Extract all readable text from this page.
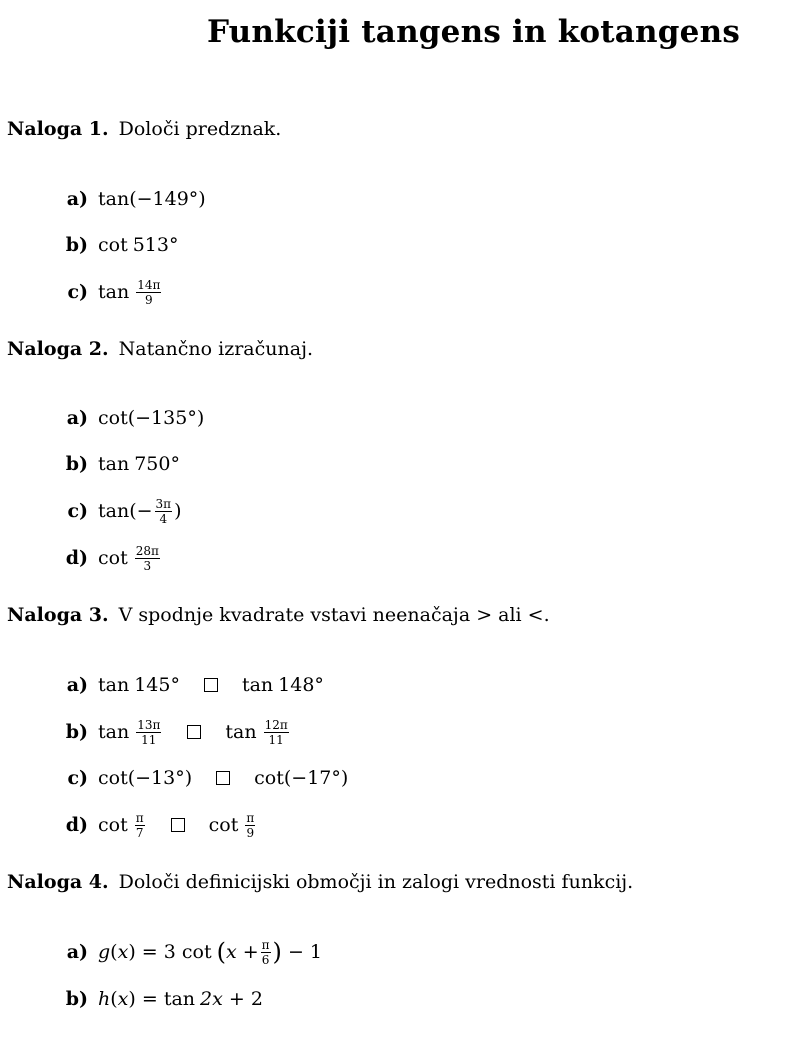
Funkciji tangens in kotangens
Naloga 1. Določi predznak.
a) tan (−149°)
b) cot 513°
c) $\tan \frac{14\pi}{9}$
Naloga 2. Natančno izračunaj.
a) cot (−135°)
b) tan 750°
c) tan (− $\frac{3\pi}{4}$ )
d) $\cot \frac{28\pi}{3}$
Naloga 3. V spodnje kvadrate vstavi neenačaja > ali <.
a) tan 145°	tan 148°
b) $\tan \frac{13\pi}{11}$	$\tan \frac{12\pi}{11}$
c) cot (−13°)	cot (−17°)
d) $\cot \frac{\pi}{7}$	$\cot \frac{\pi}{9}$
Naloga 4. Določi definicijski območji in zalogi vrednosti funkcij.
a) g ( x ) = 3
cot ( $x + \frac{\pi}{6}$ )
− 1
b) h ( x ) = tan 2x
+ 2
